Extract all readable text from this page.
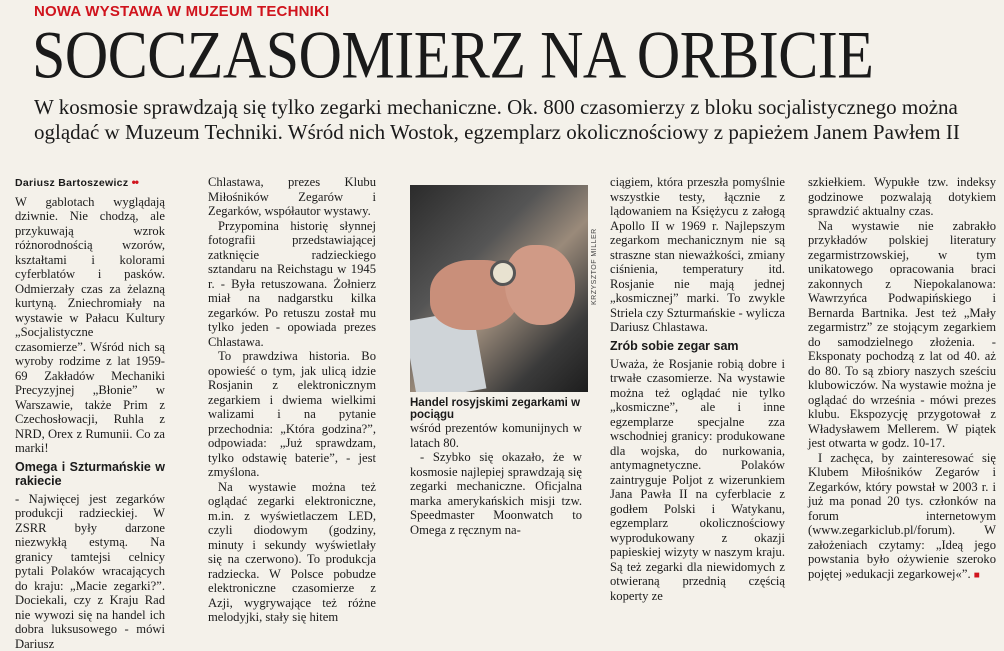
NOWA WYSTAWA W MUZEUM TECHNIKI
SOCCZASOMIERZ NA ORBICIE
W kosmosie sprawdzają się tylko zegarki mechaniczne. Ok. 800 czasomierzy z bloku socjalistycznego można oglądać w Muzeum Techniki. Wśród nich Wostok, egzemplarz okolicznościowy z papieżem Janem Pawłem II
Dariusz Bartoszewicz ••

W gablotach wyglądają dziwnie. Nie chodzą, ale przykuwają wzrok różnorodnością wzorów, kształtami i kolorami cyferblatów i pasków. Odmierzały czas za żelazną kurtyną. Zniechromiały na wystawie w Pałacu Kultury „Socjalistyczne czasomierze”. Wśród nich są wyroby rodzime z lat 1959-69 Zakładów Mechaniki Precyzyjnej „Błonie” w Warszawie, także Prim z Czechosłowacji, Ruhla z NRD, Orex z Rumunii. Co za marki!

Omega i Szturmańskie w rakiecie

- Najwięcej jest zegarków produkcji radzieckiej. W ZSRR były darzone niezwykłą estymą. Na granicy tamtejsi celnicy pytali Polaków wracających do kraju: „Macie zegarki?”. Dociekali, czy z Kraju Rad nie wywozi się na handel ich dobra luksusowego - mówi Dariusz

Chlastawa, prezes Klubu Miłośników Zegarów i Zegarków, współautor wystawy.

Przypomina historię słynnej fotografii przedstawiającej zatknięcie radzieckiego sztandaru na Reichstagu w 1945 r. - Była retuszowana. Żołnierz miał na nadgarstku kilka zegarków. Po retuszu został mu tylko jeden - opowiada prezes Chlastawa.

To prawdziwa historia. Bo opowieść o tym, jak ulicą idzie Rosjanin z elektronicznym zegarkiem i dwiema wielkimi walizami i na pytanie przechodnia: „Która godzina?”, odpowiada: „Już sprawdzam, tylko odstawię baterie”, - jest zmyślona.

Na wystawie można też oglądać zegarki elektroniczne, m.in. z wyświetlaczem LED, czyli diodowym (godziny, minuty i sekundy wyświetlały się na czerwono). To produkcja radziecka. W Polsce pobudze elektroniczne czasomierze z Azji, wygrywające też różne melodyjki, stały się hitem

KRZYSZTOF MILLER
Handel rosyjskimi zegarkami w pociągu

wśród prezentów komunijnych w latach 80.

- Szybko się okazało, że w kosmosie najlepiej sprawdzają się zegarki mechaniczne. Oficjalna marka amerykańskich misji tzw. Speedmaster Moonwatch to Omega z ręcznym na-

ciągiem, która przeszła pomyślnie wszystkie testy, łącznie z lądowaniem na Księżycu z załogą Apollo II w 1969 r. Najlepszym zegarkom mechanicznym nie są straszne stan nieważkości, zmiany ciśnienia, temperatury itd. Rosjanie nie mają jednej „kosmicznej” marki. To zwykle Striela czy Szturmańskie - wylicza Dariusz Chlastawa.

Zrób sobie zegar sam

Uważa, że Rosjanie robią dobre i trwałe czasomierze. Na wystawie można też oglądać nie tylko „kosmiczne”, ale i inne egzemplarze specjalne zza wschodniej granicy: produkowane dla wojska, do nurkowania, antymagnetyczne. Polaków zaintryguje Poljot z wizerunkiem Jana Pawła II na cyferblacie z godłem Polski i Watykanu, egzemplarz okolicznościowy wyprodukowany z okazji papieskiej wizyty w naszym kraju. Są też zegarki dla niewidomych z otwieraną przednią częścią koperty ze

szkiełkiem. Wypukłe tzw. indeksy godzinowe pozwalają dotykiem sprawdzić aktualny czas.

Na wystawie nie zabrakło przykładów polskiej literatury zegarmistrzowskiej, w tym unikatowego opracowania braci zakonnych z Niepokalanowa: Wawrzyńca Podwapińskiego i Bernarda Bartnika. Jest też „Mały zegarmistrz” ze stojącym zegarkiem do samodzielnego złożenia. - Eksponaty pochodzą z lat od 40. aż do 80. To są zbiory naszych sześciu klubowiczów. Na wystawie można je oglądać do września - mówi prezes klubu. Ekspozycję przygotował z Władysławem Mellerem. W piątek jest otwarta w godz. 10-17.

I zachęca, by zainteresować się Klubem Miłośników Zegarów i Zegarków, który powstał w 2003 r. i już ma ponad 20 tys. członków na forum internetowym (www.zegarkiclub.pl/forum). W założeniach czytamy: „Ideą jego powstania było ożywienie szeroko pojętej »edukacji zegarkowej«”. ■
